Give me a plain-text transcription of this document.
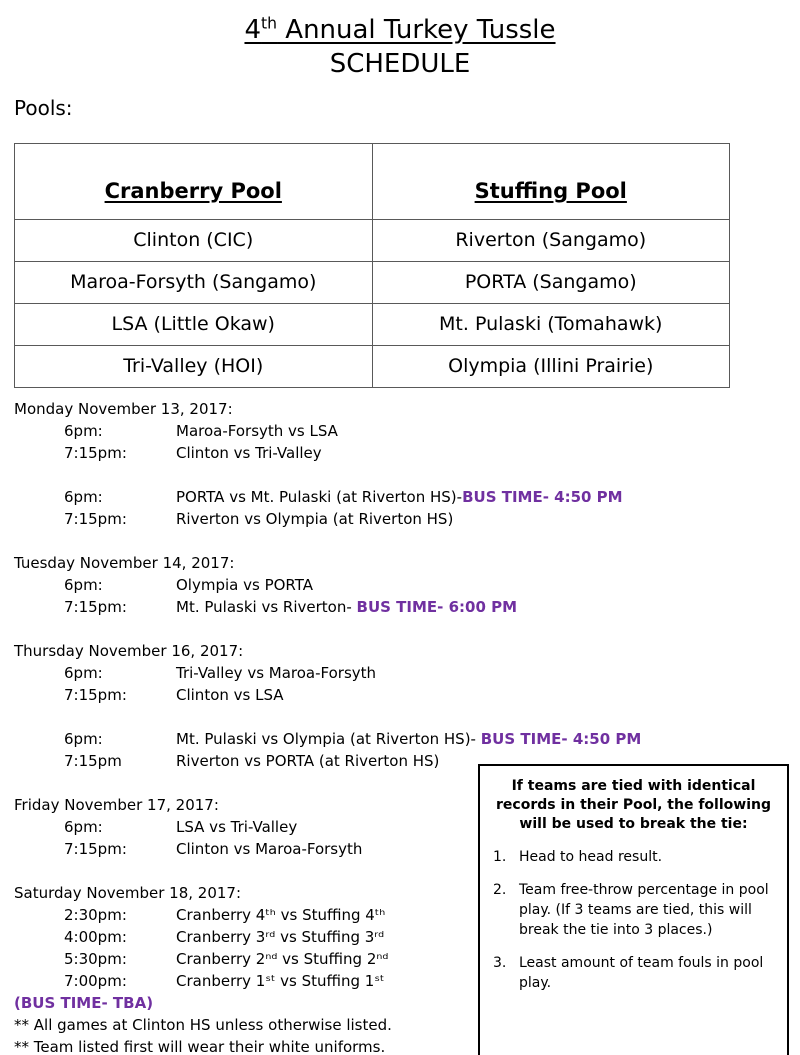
4th Annual Turkey Tussle
SCHEDULE
Pools:
Cranberry Pool	Stuffing Pool
Clinton (CIC)	Riverton (Sangamo)
Maroa-Forsyth (Sangamo)	PORTA (Sangamo)
LSA (Little Okaw)	Mt. Pulaski (Tomahawk)
Tri-Valley (HOI)	Olympia (Illini Prairie)
Monday November 13, 2017:
6pm:	Maroa-Forsyth vs LSA
7:15pm:	Clinton vs Tri-Valley
6pm:	PORTA vs Mt. Pulaski (at Riverton HS)-BUS TIME- 4:50 PM
7:15pm:	Riverton vs Olympia (at Riverton HS)
Tuesday November 14, 2017:
6pm:	Olympia vs PORTA
7:15pm:	Mt. Pulaski vs Riverton- BUS TIME- 6:00 PM
Thursday November 16, 2017:
6pm:	Tri-Valley vs Maroa-Forsyth
7:15pm:	Clinton vs LSA
6pm:	Mt. Pulaski vs Olympia (at Riverton HS)- BUS TIME- 4:50 PM
7:15pm	Riverton vs PORTA (at Riverton HS)
Friday November 17, 2017:
6pm:	LSA vs Tri-Valley
7:15pm:	Clinton vs Maroa-Forsyth
Saturday November 18, 2017:
2:30pm:	Cranberry 4ᵗʰ vs Stuffing 4ᵗʰ
4:00pm:	Cranberry 3ʳᵈ vs Stuffing 3ʳᵈ
5:30pm:	Cranberry 2ⁿᵈ vs Stuffing 2ⁿᵈ
7:00pm:	Cranberry 1ˢᵗ vs Stuffing 1ˢᵗ
(BUS TIME- TBA)
** All games at Clinton HS unless otherwise listed.
** Team listed first will wear their white uniforms.
If teams are tied with identical records in their Pool, the following will be used to break the tie:
1. Head to head result.
2. Team free-throw percentage in pool play. (If 3 teams are tied, this will break the tie into 3 places.)
3. Least amount of team fouls in pool play.
